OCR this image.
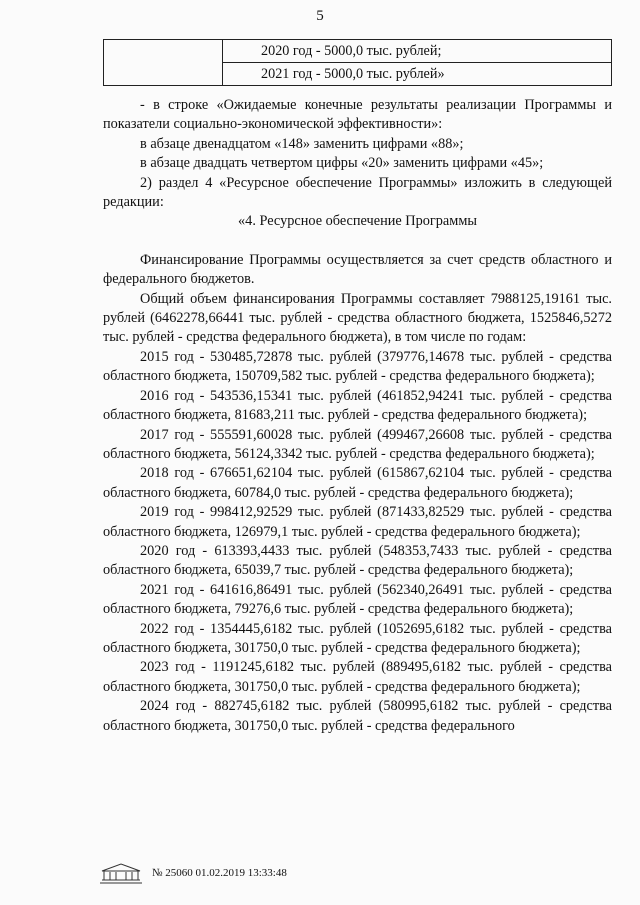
5
	2020 год - 5000,0 тыс. рублей;
2021 год - 5000,0 тыс. рублей»
- в строке «Ожидаемые конечные результаты реализации Программы и показатели социально-экономической эффективности»:
в абзаце двенадцатом «148» заменить цифрами «88»;
в абзаце двадцать четвертом цифры «20» заменить цифрами «45»;
2) раздел 4 «Ресурсное обеспечение Программы» изложить в следующей редакции:
«4. Ресурсное обеспечение Программы
Финансирование Программы осуществляется за счет средств областного и федерального бюджетов.
Общий объем финансирования Программы составляет 7988125,19161 тыс. рублей (6462278,66441 тыс. рублей - средства областного бюджета, 1525846,5272 тыс. рублей - средства федерального бюджета), в том числе по годам:
2015 год - 530485,72878 тыс. рублей (379776,14678 тыс. рублей - средства областного бюджета, 150709,582 тыс. рублей - средства федерального бюджета);
2016 год - 543536,15341 тыс. рублей (461852,94241 тыс. рублей - средства областного бюджета, 81683,211 тыс. рублей - средства федерального бюджета);
2017 год - 555591,60028 тыс. рублей (499467,26608 тыс. рублей - средства областного бюджета, 56124,3342 тыс. рублей - средства федерального бюджета);
2018 год - 676651,62104 тыс. рублей (615867,62104 тыс. рублей - средства областного бюджета, 60784,0 тыс. рублей - средства федерального бюджета);
2019 год - 998412,92529 тыс. рублей (871433,82529 тыс. рублей - средства областного бюджета, 126979,1 тыс. рублей - средства федерального бюджета);
2020 год - 613393,4433 тыс. рублей (548353,7433 тыс. рублей - средства областного бюджета, 65039,7 тыс. рублей - средства федерального бюджета);
2021 год - 641616,86491 тыс. рублей (562340,26491 тыс. рублей - средства областного бюджета, 79276,6 тыс. рублей - средства федерального бюджета);
2022 год - 1354445,6182 тыс. рублей (1052695,6182 тыс. рублей - средства областного бюджета, 301750,0 тыс. рублей - средства федерального бюджета);
2023 год - 1191245,6182 тыс. рублей (889495,6182 тыс. рублей - средства областного бюджета, 301750,0 тыс. рублей - средства федерального бюджета);
2024 год - 882745,6182 тыс. рублей (580995,6182 тыс. рублей - средства областного бюджета, 301750,0 тыс. рублей - средства федерального
№ 25060 01.02.2019 13:33:48
